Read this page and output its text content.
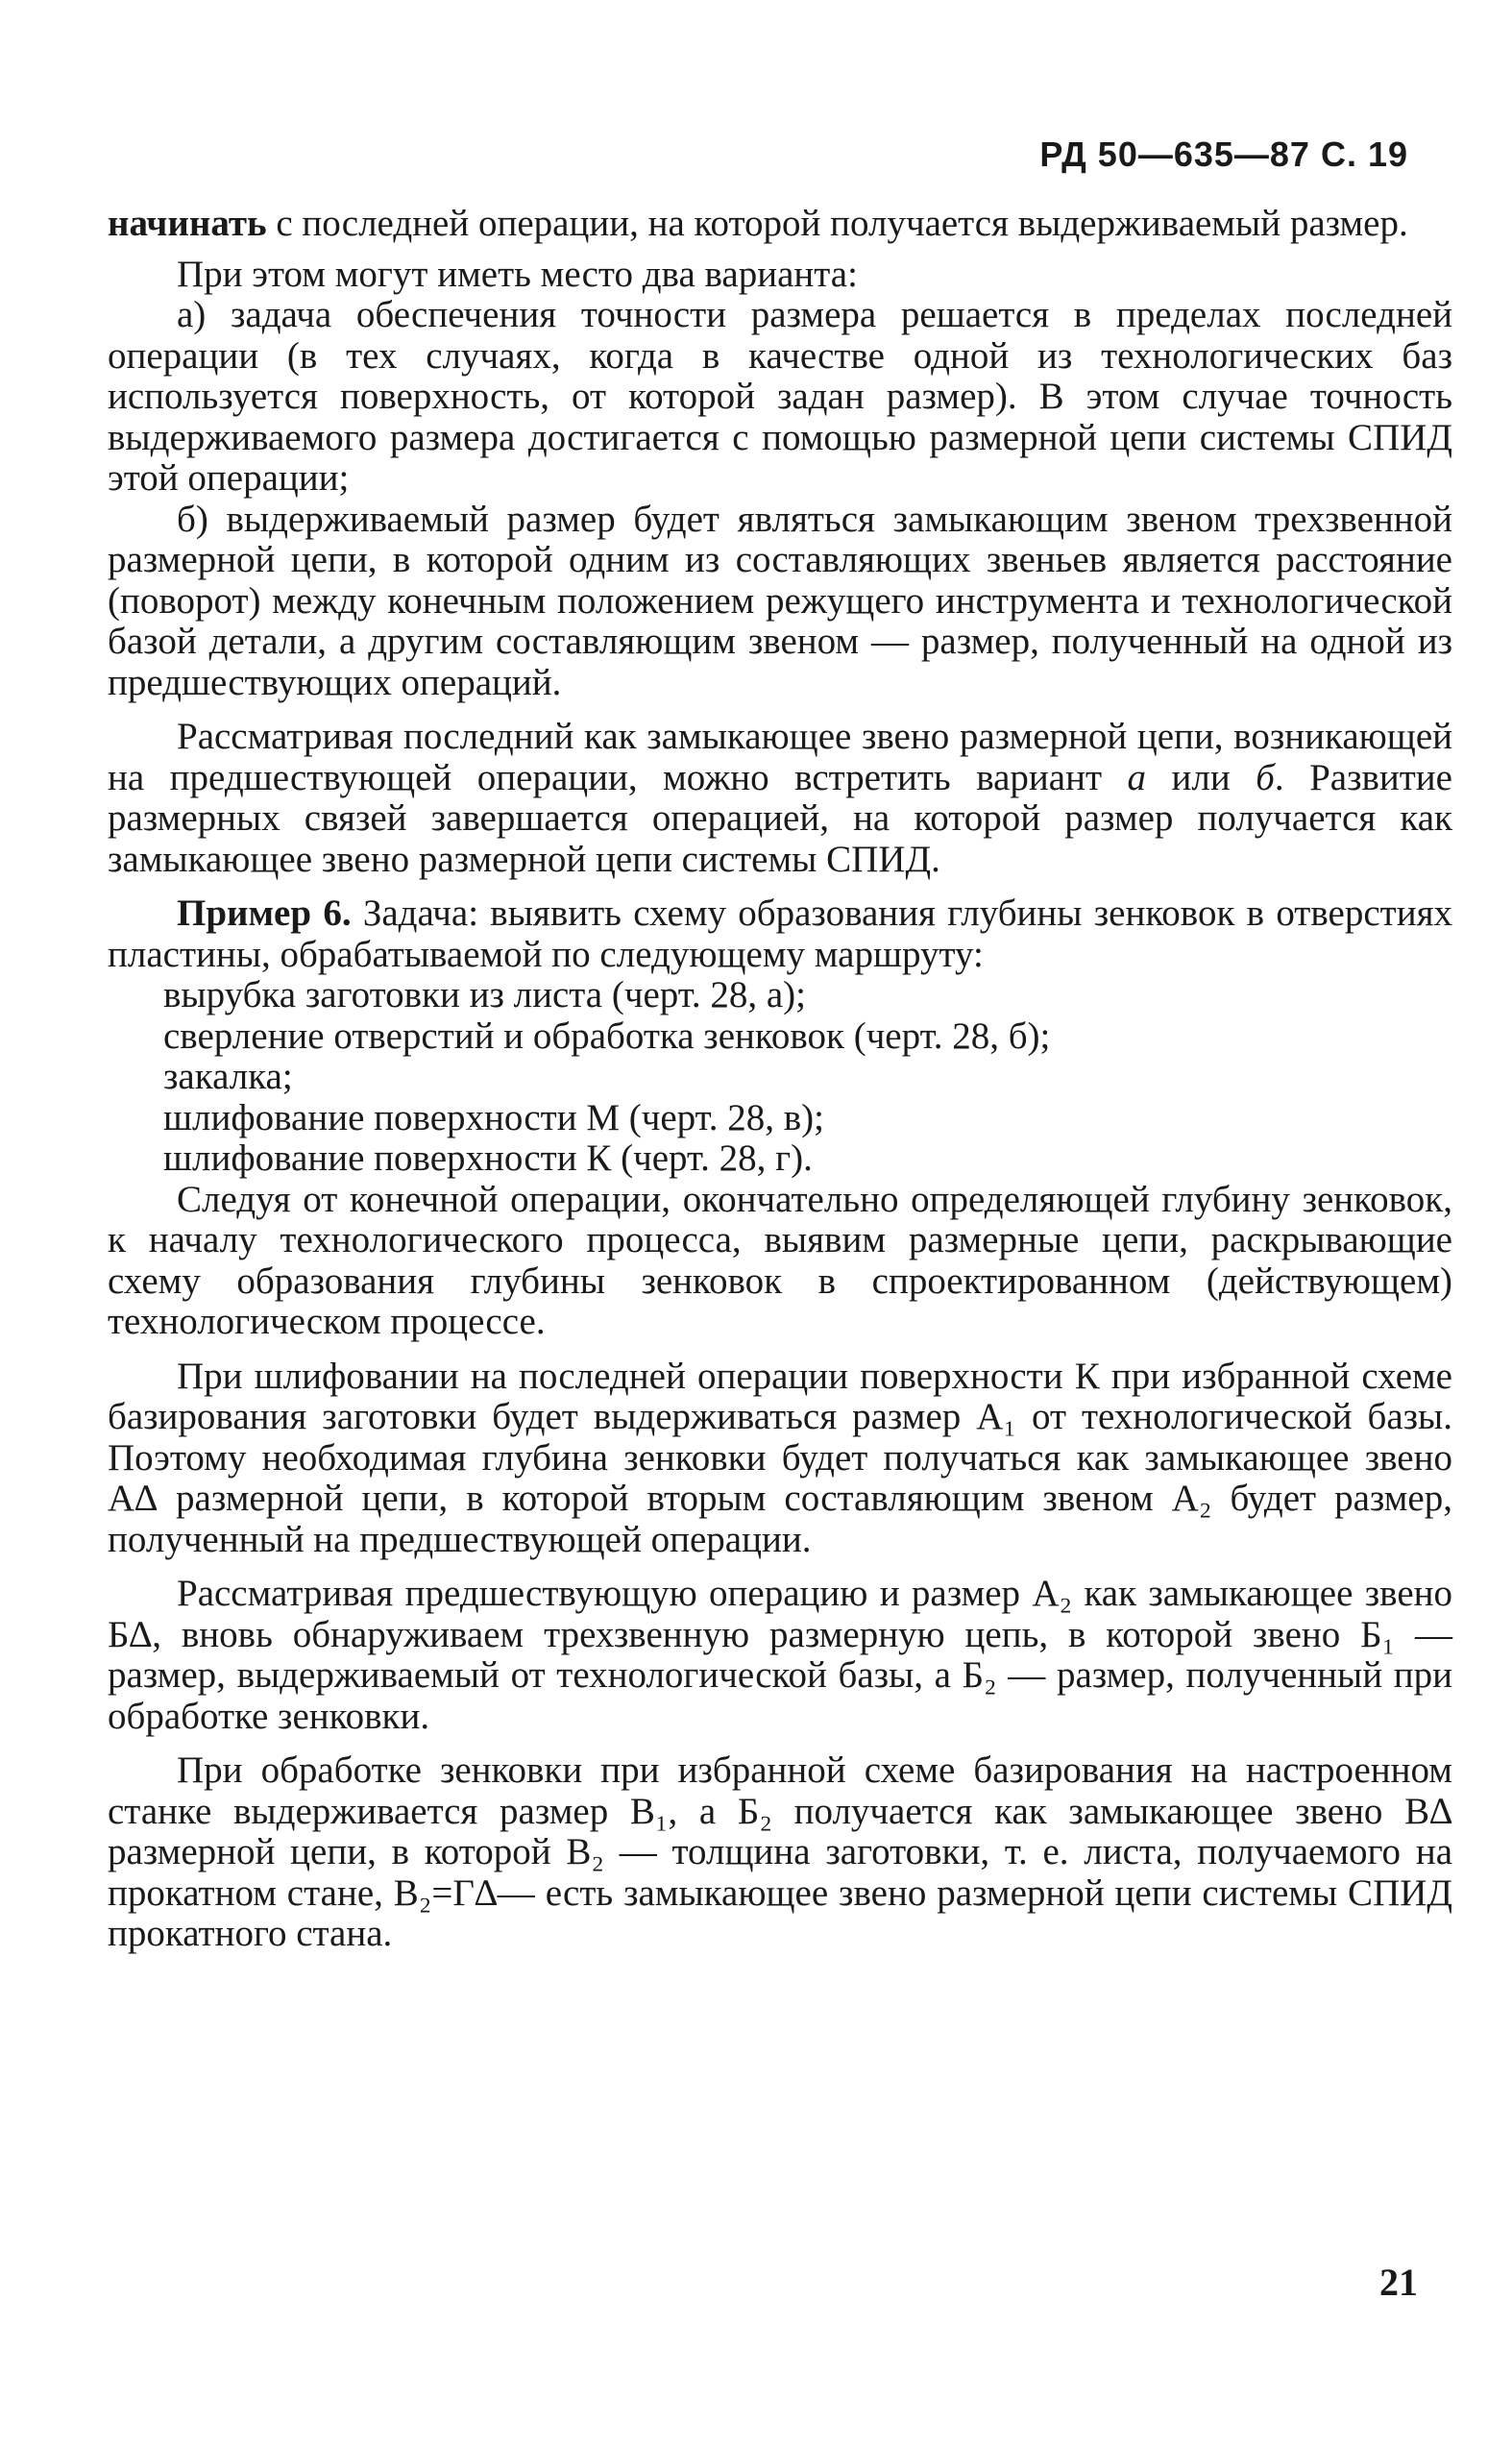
РД 50—635—87 С. 19

начинать с последней операции, на которой получается выдерживаемый размер.

При этом могут иметь место два варианта:

а) задача обеспечения точности размера решается в пределах последней операции (в тех случаях, когда в качестве одной из технологических баз используется поверхность, от которой задан размер). В этом случае точность выдерживаемого размера достигается с помощью размерной цепи системы СПИД этой операции;

б) выдерживаемый размер будет являться замыкающим звеном трехзвенной размерной цепи, в которой одним из составляющих звеньев является расстояние (поворот) между конечным положением режущего инструмента и технологической базой детали, а другим составляющим звеном — размер, полученный на одной из предшествующих операций.

Рассматривая последний как замыкающее звено размерной цепи, возникающей на предшествующей операции, можно встретить вариант а или б. Развитие размерных связей завершается операцией, на которой размер получается как замыкающее звено размерной цепи системы СПИД.

Пример 6. Задача: выявить схему образования глубины зенковок в отверстиях пластины, обрабатываемой по следующему маршруту:

вырубка заготовки из листа (черт. 28, а);

сверление отверстий и обработка зенковок (черт. 28, б);

закалка;

шлифование поверхности М (черт. 28, в);

шлифование поверхности К (черт. 28, г).

Следуя от конечной операции, окончательно определяющей глубину зенковок, к началу технологического процесса, выявим размерные цепи, раскрывающие схему образования глубины зенковок в спроектированном (действующем) технологическом процессе.

При шлифовании на последней операции поверхности К при избранной схеме базирования заготовки будет выдерживаться размер А₁ от технологической базы. Поэтому необходимая глубина зенковки будет получаться как замыкающее звено А∆ размерной цепи, в которой вторым составляющим звеном А₂ будет размер, полученный на предшествующей операции.

Рассматривая предшествующую операцию и размер А₂ как замыкающее звено Б∆, вновь обнаруживаем трехзвенную размерную цепь, в которой звено Б₁ — размер, выдерживаемый от технологической базы, а Б₂ — размер, полученный при обработке зенковки.

При обработке зенковки при избранной схеме базирования на настроенном станке выдерживается размер В₁, а Б₂ получается как замыкающее звено В∆ размерной цепи, в которой В₂ — толщина заготовки, т. е. листа, получаемого на прокатном стане, В₂=Г∆— есть замыкающее звено размерной цепи системы СПИД прокатного стана.

21
